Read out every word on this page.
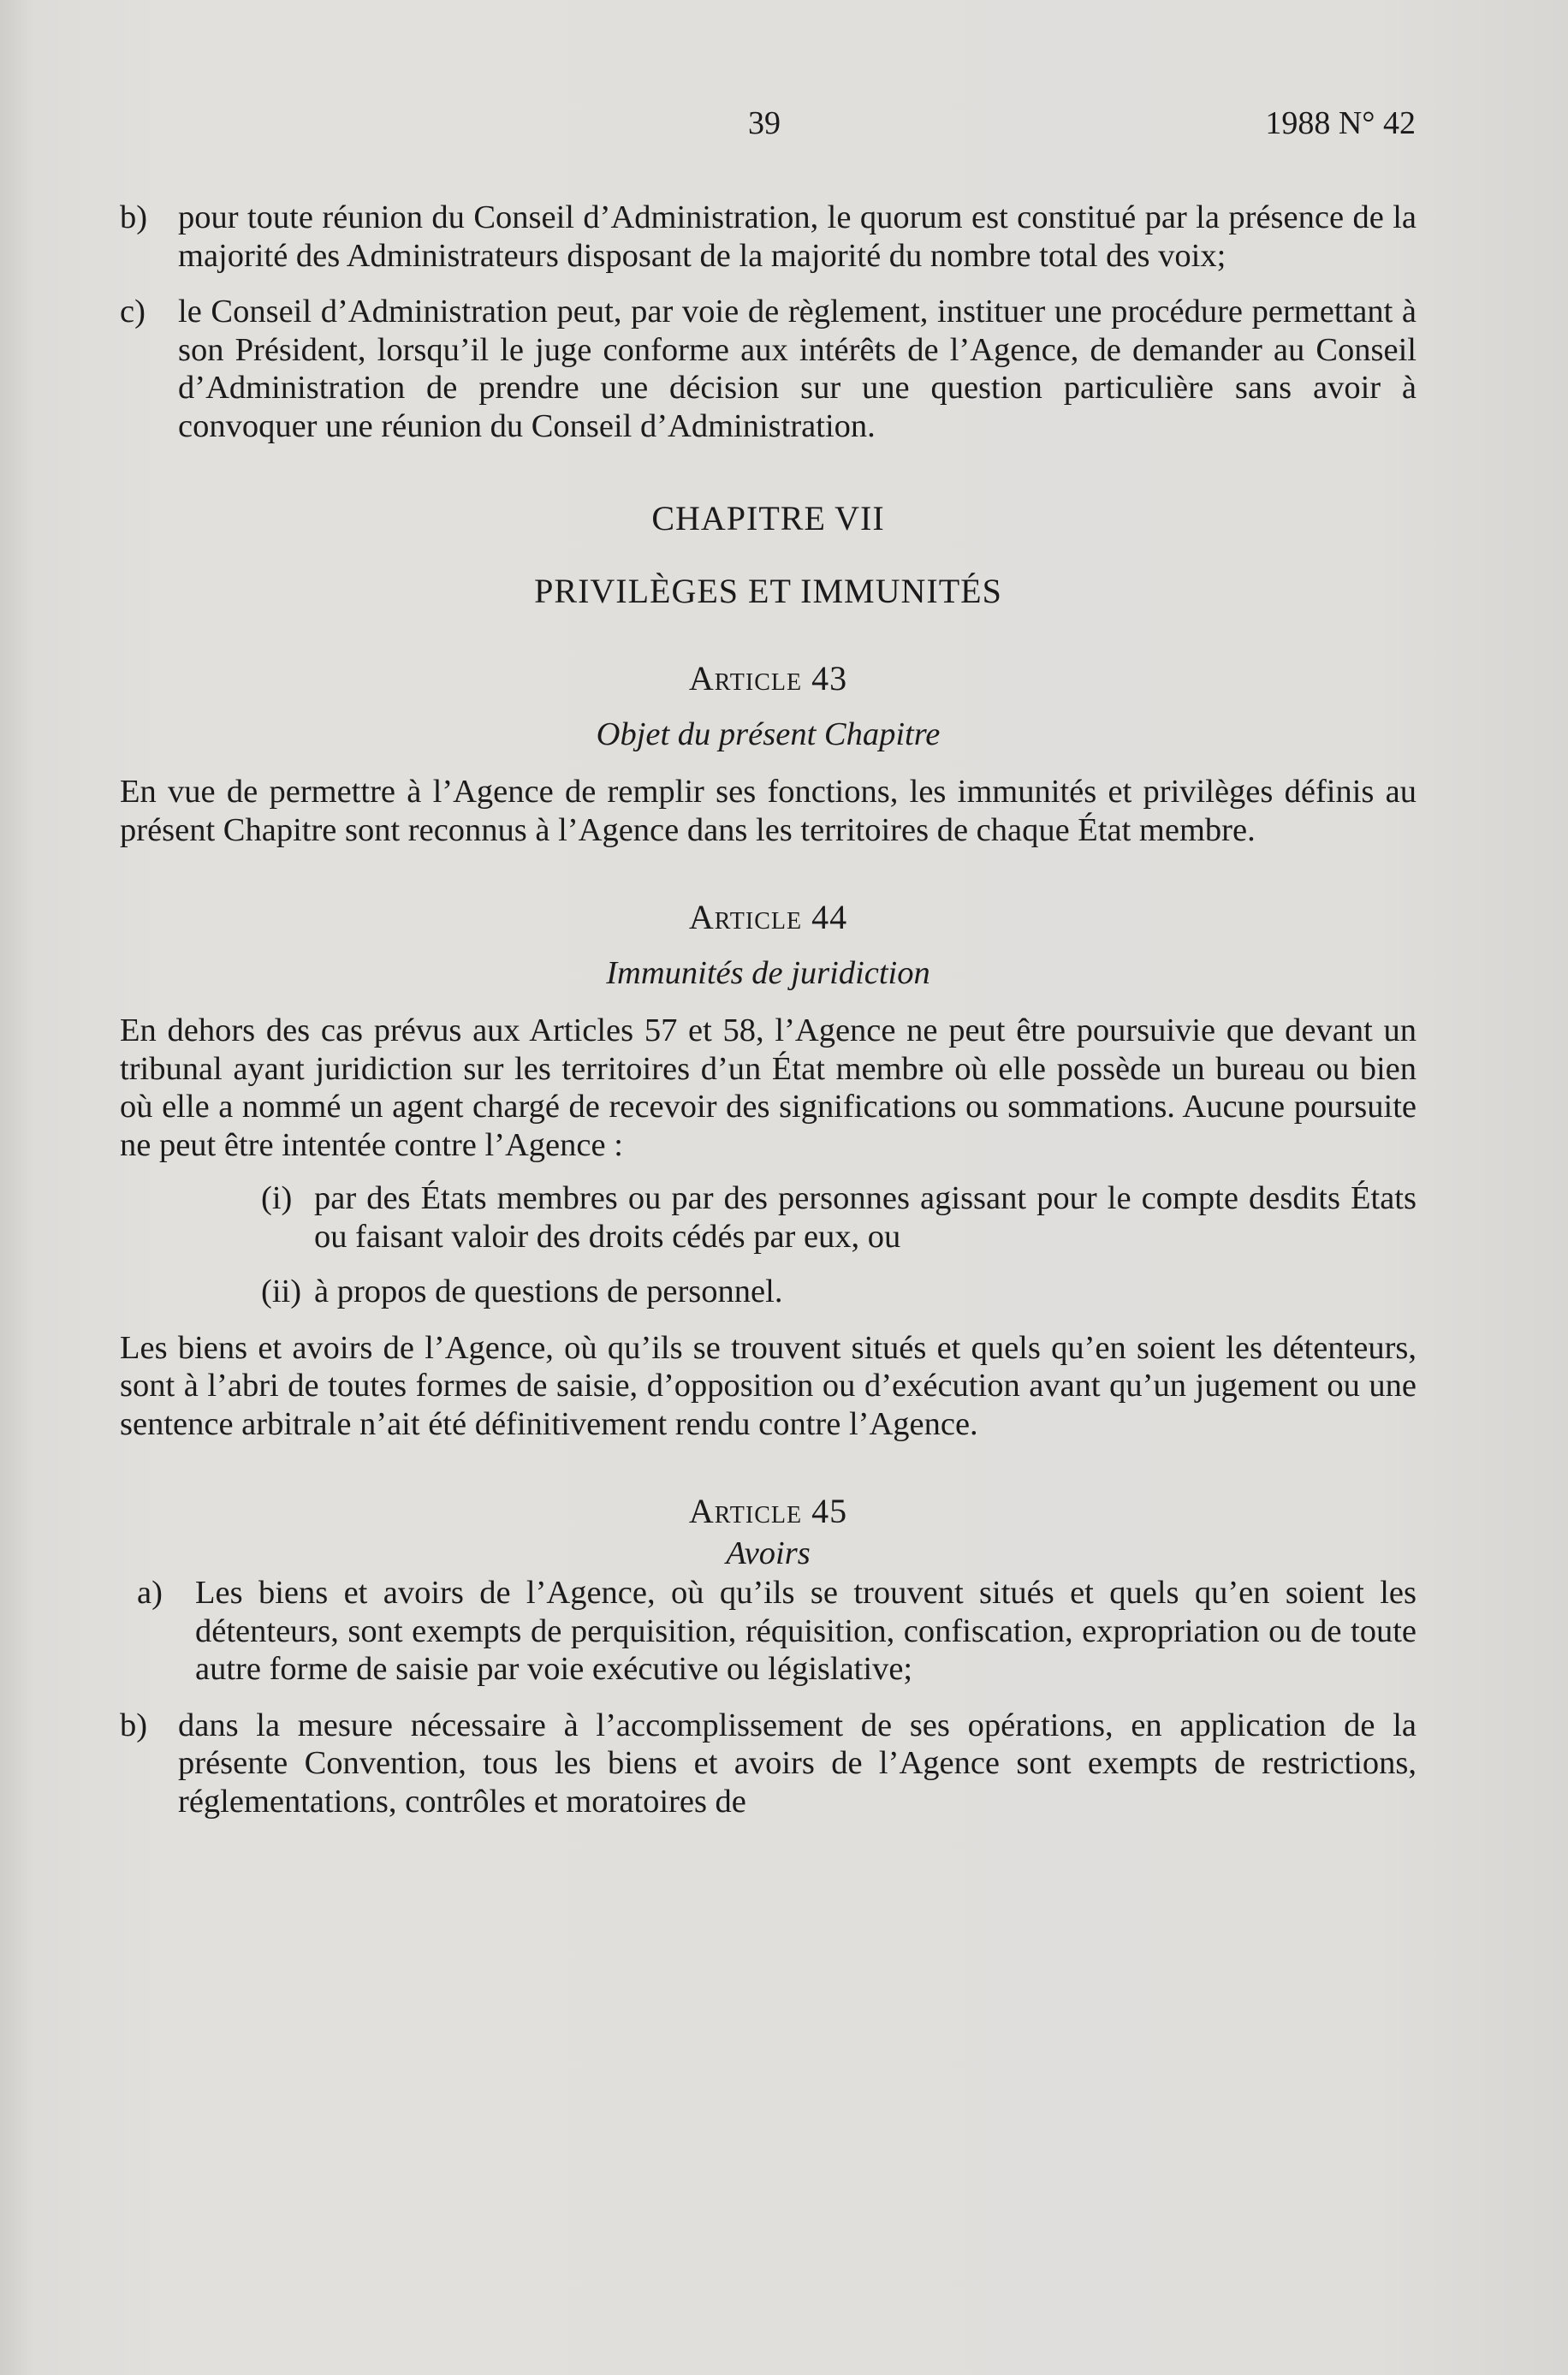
39	1988 N° 42
b) pour toute réunion du Conseil d’Administration, le quorum est constitué par la présence de la majorité des Administrateurs disposant de la majorité du nombre total des voix;
c) le Conseil d’Administration peut, par voie de règlement, instituer une procédure permettant à son Président, lorsqu’il le juge conforme aux intérêts de l’Agence, de demander au Conseil d’Administration de prendre une décision sur une question particulière sans avoir à convoquer une réunion du Conseil d’Administration.
CHAPITRE VII
PRIVILÈGES ET IMMUNITÉS
Article 43
Objet du présent Chapitre

En vue de permettre à l’Agence de remplir ses fonctions, les immunités et privilèges définis au présent Chapitre sont reconnus à l’Agence dans les territoires de chaque État membre.

Article 44
Immunités de juridiction

En dehors des cas prévus aux Articles 57 et 58, l’Agence ne peut être poursuivie que devant un tribunal ayant juridiction sur les territoires d’un État membre où elle possède un bureau ou bien où elle a nommé un agent chargé de recevoir des significations ou sommations. Aucune poursuite ne peut être intentée contre l’Agence :

(i) par des États membres ou par des personnes agissant pour le compte desdits États ou faisant valoir des droits cédés par eux, ou
(ii) à propos de questions de personnel.

Les biens et avoirs de l’Agence, où qu’ils se trouvent situés et quels qu’en soient les détenteurs, sont à l’abri de toutes formes de saisie, d’opposition ou d’exécution avant qu’un jugement ou une sentence arbitrale n’ait été définitivement rendu contre l’Agence.

Article 45
Avoirs
a) Les biens et avoirs de l’Agence, où qu’ils se trouvent situés et quels qu’en soient les détenteurs, sont exempts de perquisition, réquisition, confiscation, expropriation ou de toute autre forme de saisie par voie exécutive ou législative;
b) dans la mesure nécessaire à l’accomplissement de ses opérations, en application de la présente Convention, tous les biens et avoirs de l’Agence sont exempts de restrictions, réglementations, contrôles et moratoires de
